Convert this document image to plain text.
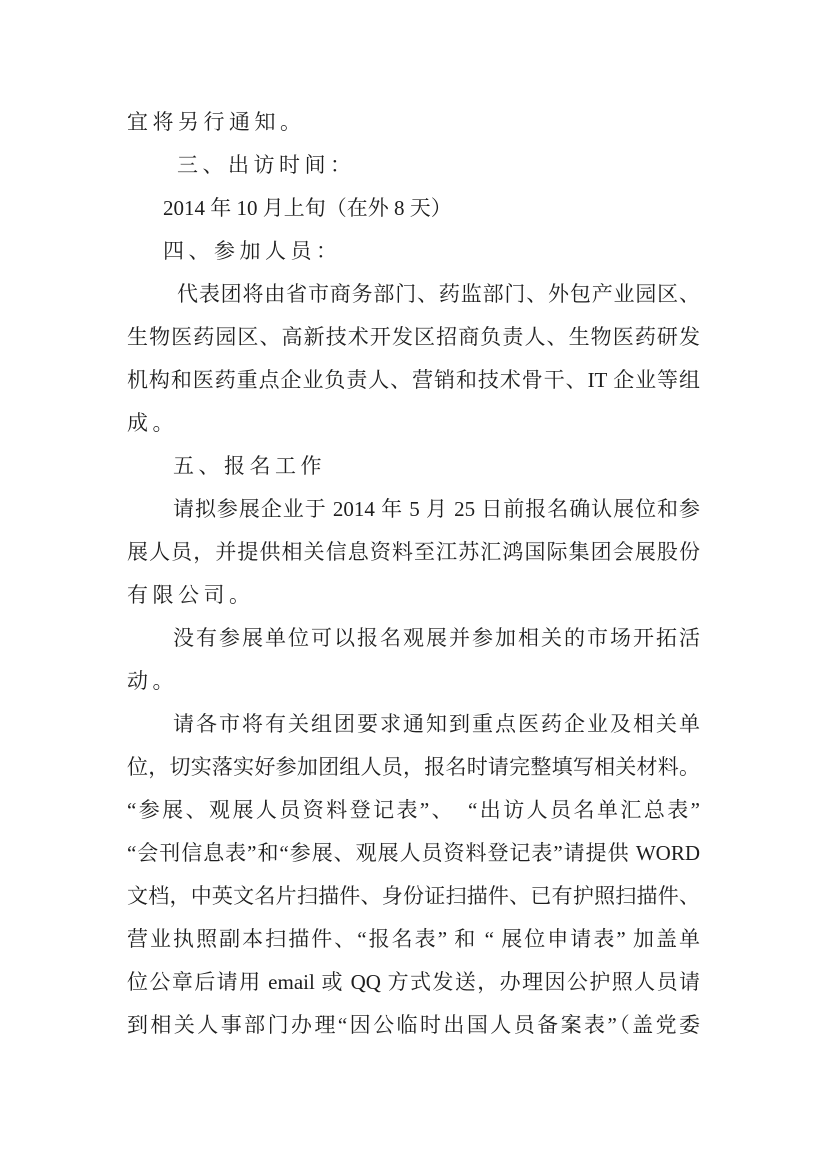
宜将另行通知。
三、出访时间：
2014 年 10 月上旬（在外 8 天）
四、参加人员：
代表团将由省市商务部门、药监部门、外包产业园区、
生物医药园区、高新技术开发区招商负责人、生物医药研发
机构和医药重点企业负责人、营销和技术骨干、IT 企业等组
成。
五、报名工作
请拟参展企业于 2014 年 5 月 25 日前报名确认展位和参
展人员，并提供相关信息资料至江苏汇鸿国际集团会展股份
有限公司。
没有参展单位可以报名观展并参加相关的市场开拓活
动。
请各市将有关组团要求通知到重点医药企业及相关单
位，切实落实好参加团组人员，报名时请完整填写相关材料。
“参展、观展人员资料登记表”、　“出访人员名单汇总表”
“会刊信息表”和“参展、观展人员资料登记表”请提供 WORD
文档，中英文名片扫描件、身份证扫描件、已有护照扫描件、
营业执照副本扫描件、“报名表” 和 “ 展位申请表” 加盖单
位公章后请用 email 或 QQ 方式发送，办理因公护照人员请
到相关人事部门办理“因公临时出国人员备案表”（盖党委
